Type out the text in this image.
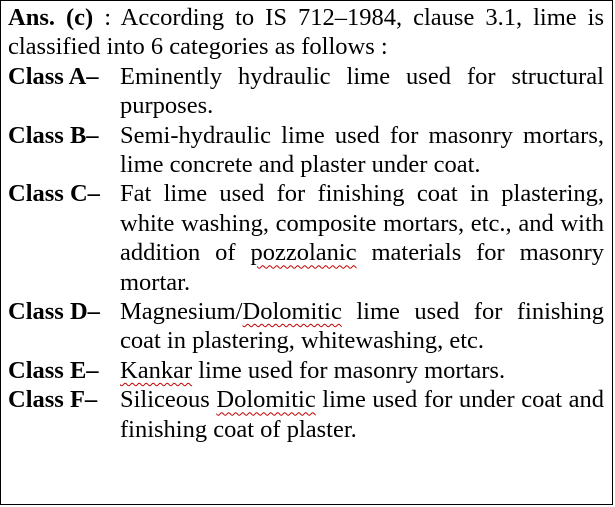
Ans. (c) : According to IS 712–1984, clause 3.1, lime is classified into 6 categories as follows :
Class A– Eminently hydraulic lime used for structural purposes.
Class B– Semi-hydraulic lime used for masonry mortars, lime concrete and plaster under coat.
Class C– Fat lime used for finishing coat in plastering, white washing, composite mortars, etc., and with addition of pozzolanic materials for masonry mortar.
Class D– Magnesium/Dolomitic lime used for finishing coat in plastering, whitewashing, etc.
Class E– Kankar lime used for masonry mortars.
Class F– Siliceous Dolomitic lime used for under coat and finishing coat of plaster.
